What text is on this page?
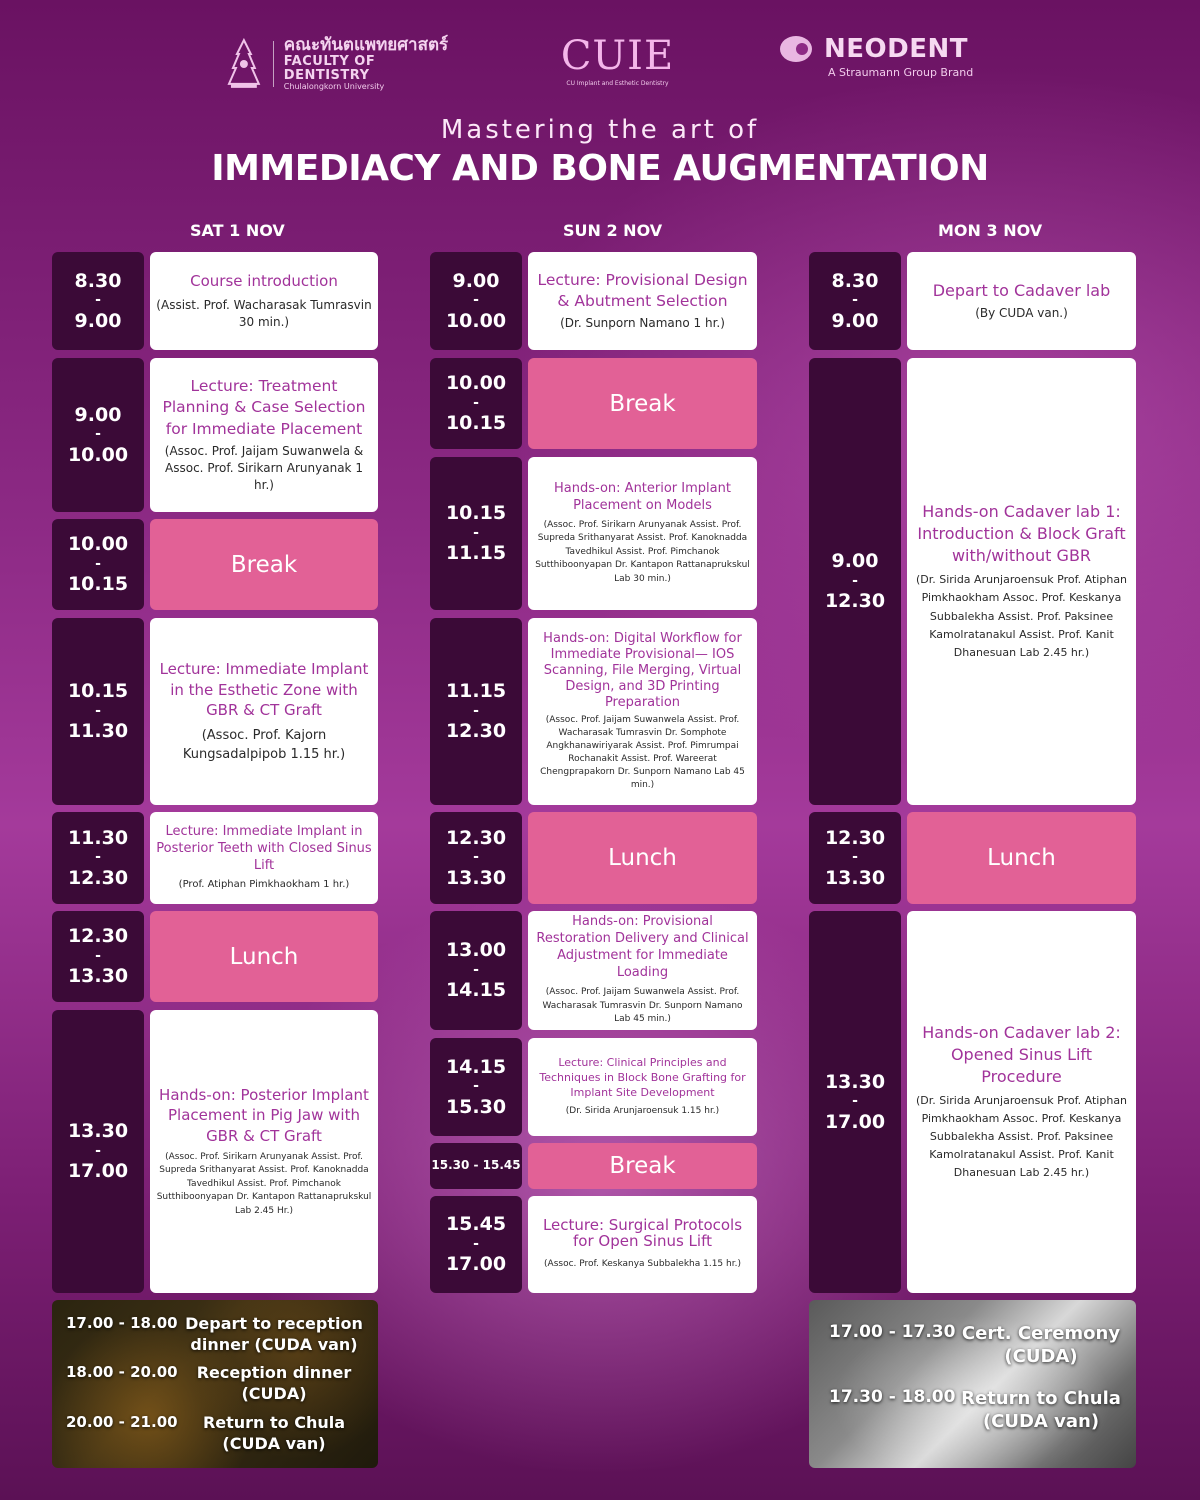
คณะทันตแพทยศาสตร์
FACULTY OF DENTISTRY
Chulalongkorn University
CUIE
CU Implant and Esthetic Dentistry
NEODENT
A Straumann Group Brand
Mastering the art of
IMMEDIACY AND BONE AUGMENTATION
SAT 1 NOV	SUN 2 NOV	MON 3 NOV
8.30
-
9.00
Course introduction
(Assist. Prof. Wacharasak Tumrasvin 30 min.)
9.00
-
10.00
Lecture: Treatment Planning & Case Selection for Immediate Placement
(Assoc. Prof. Jaijam Suwanwela & Assoc. Prof. Sirikarn Arunyanak 1 hr.)
10.00
-
10.15
Break
10.15
-
11.30
Lecture: Immediate Implant in the Esthetic Zone with GBR & CT Graft
(Assoc. Prof. Kajorn Kungsadalpipob 1.15 hr.)
11.30
-
12.30
Lecture: Immediate Implant in Posterior Teeth with Closed Sinus Lift
(Prof. Atiphan Pimkhaokham 1 hr.)
12.30
-
13.30
Lunch
13.30
-
17.00
Hands-on: Posterior Implant Placement in Pig Jaw with GBR & CT Graft
(Assoc. Prof. Sirikarn Arunyanak Assist. Prof. Supreda Srithanyarat Assist. Prof. Kanoknadda Tavedhikul Assist. Prof. Pimchanok Sutthiboonyapan Dr. Kantapon Rattanaprukskul Lab 2.45 Hr.)
17.00 - 18.00 Depart to reception dinner (CUDA van)
18.00 - 20.00	Reception dinner (CUDA)
20.00 - 21.00	Return to Chula (CUDA van)
9.00
-
10.00
Lecture: Provisional Design & Abutment Selection
(Dr. Sunporn Namano 1 hr.)
10.00
-
10.15
Break
10.15
-
11.15
Hands-on: Anterior Implant Placement on Models
(Assoc. Prof. Sirikarn Arunyanak Assist. Prof. Supreda Srithanyarat Assist. Prof. Kanoknadda Tavedhikul Assist. Prof. Pimchanok Sutthiboonyapan Dr. Kantapon Rattanaprukskul Lab 30 min.)
11.15
-
12.30
Hands-on: Digital Workflow for Immediate Provisional— IOS Scanning, File Merging, Virtual Design, and 3D Printing Preparation
(Assoc. Prof. Jaijam Suwanwela Assist. Prof. Wacharasak Tumrasvin Dr. Somphote Angkhanawiriyarak Assist. Prof. Pimrumpai Rochanakit Assist. Prof. Wareerat Chengprapakorn Dr. Sunporn Namano Lab 45 min.)
12.30
-
13.30
Lunch
13.00
-
14.15
Hands-on: Provisional Restoration Delivery and Clinical Adjustment for Immediate Loading
(Assoc. Prof. Jaijam Suwanwela Assist. Prof. Wacharasak Tumrasvin Dr. Sunporn Namano Lab 45 min.)
14.15
-
15.30
Lecture: Clinical Principles and Techniques in Block Bone Grafting for Implant Site Development
(Dr. Sirida Arunjaroensuk 1.15 hr.)
15.30 - 15.45	Break
15.45
-
17.00
Lecture: Surgical Protocols for Open Sinus Lift
(Assoc. Prof. Keskanya Subbalekha 1.15 hr.)
8.30
-
9.00
Depart to Cadaver lab
(By CUDA van.)
9.00
-
12.30
Hands-on Cadaver lab 1: Introduction & Block Graft with/without GBR
(Dr. Sirida Arunjaroensuk Prof. Atiphan Pimkhaokham Assoc. Prof. Keskanya Subbalekha Assist. Prof. Paksinee Kamolratanakul Assist. Prof. Kanit Dhanesuan Lab 2.45 hr.)
12.30
-
13.30
Lunch
13.30
-
17.00
Hands-on Cadaver lab 2: Opened Sinus Lift Procedure
(Dr. Sirida Arunjaroensuk Prof. Atiphan Pimkhaokham Assoc. Prof. Keskanya Subbalekha Assist. Prof. Paksinee Kamolratanakul Assist. Prof. Kanit Dhanesuan Lab 2.45 hr.)
17.00 - 17.30 Cert. Ceremony (CUDA)
17.30 - 18.00 Return to Chula (CUDA van)
